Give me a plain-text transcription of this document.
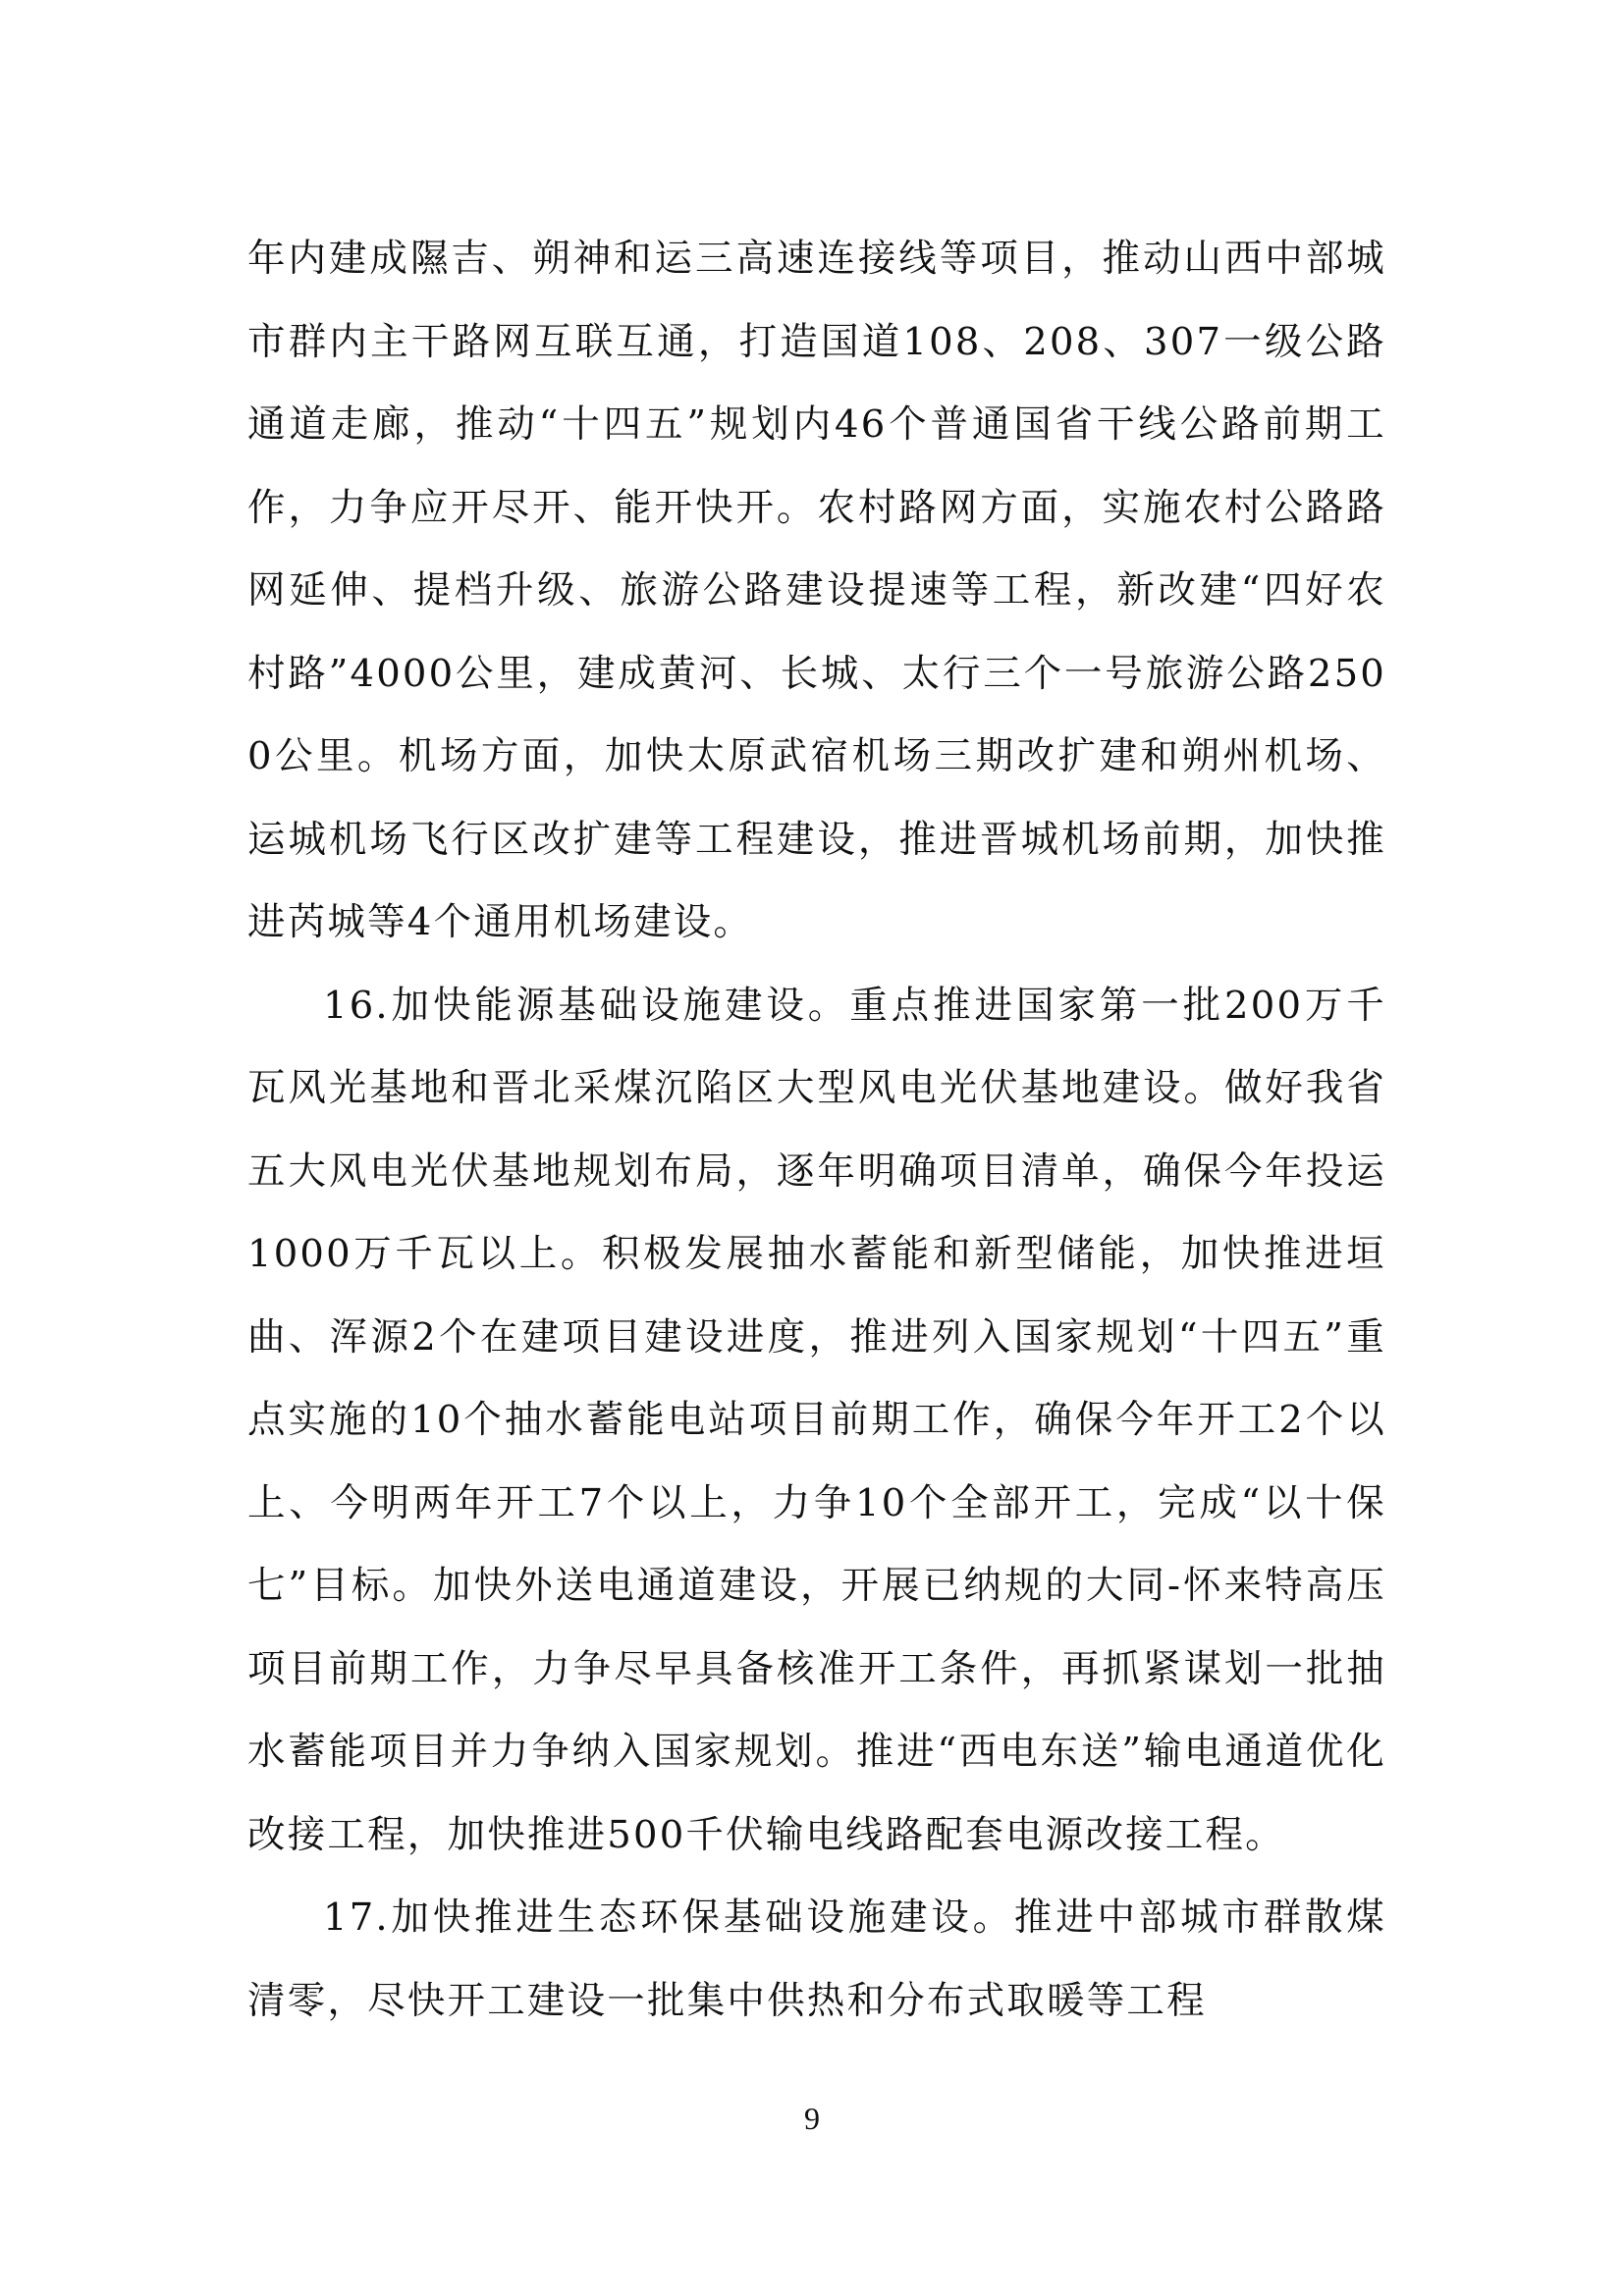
年内建成隰吉、朔神和运三高速连接线等项目，推动山西中部城市群内主干路网互联互通，打造国道108、208、307一级公路通道走廊，推动“十四五”规划内46个普通国省干线公路前期工作，力争应开尽开、能开快开。农村路网方面，实施农村公路路网延伸、提档升级、旅游公路建设提速等工程，新改建“四好农村路”4000公里，建成黄河、长城、太行三个一号旅游公路2500公里。机场方面，加快太原武宿机场三期改扩建和朔州机场、运城机场飞行区改扩建等工程建设，推进晋城机场前期，加快推进芮城等4个通用机场建设。

16.加快能源基础设施建设。重点推进国家第一批200万千瓦风光基地和晋北采煤沉陷区大型风电光伏基地建设。做好我省五大风电光伏基地规划布局，逐年明确项目清单，确保今年投运1000万千瓦以上。积极发展抽水蓄能和新型储能，加快推进垣曲、浑源2个在建项目建设进度，推进列入国家规划“十四五”重点实施的10个抽水蓄能电站项目前期工作，确保今年开工2个以上、今明两年开工7个以上，力争10个全部开工，完成“以十保七”目标。加快外送电通道建设，开展已纳规的大同-怀来特高压项目前期工作，力争尽早具备核准开工条件，再抓紧谋划一批抽水蓄能项目并力争纳入国家规划。推进“西电东送”输电通道优化改接工程，加快推进500千伏输电线路配套电源改接工程。

17.加快推进生态环保基础设施建设。推进中部城市群散煤清零，尽快开工建设一批集中供热和分布式取暖等工程

9
